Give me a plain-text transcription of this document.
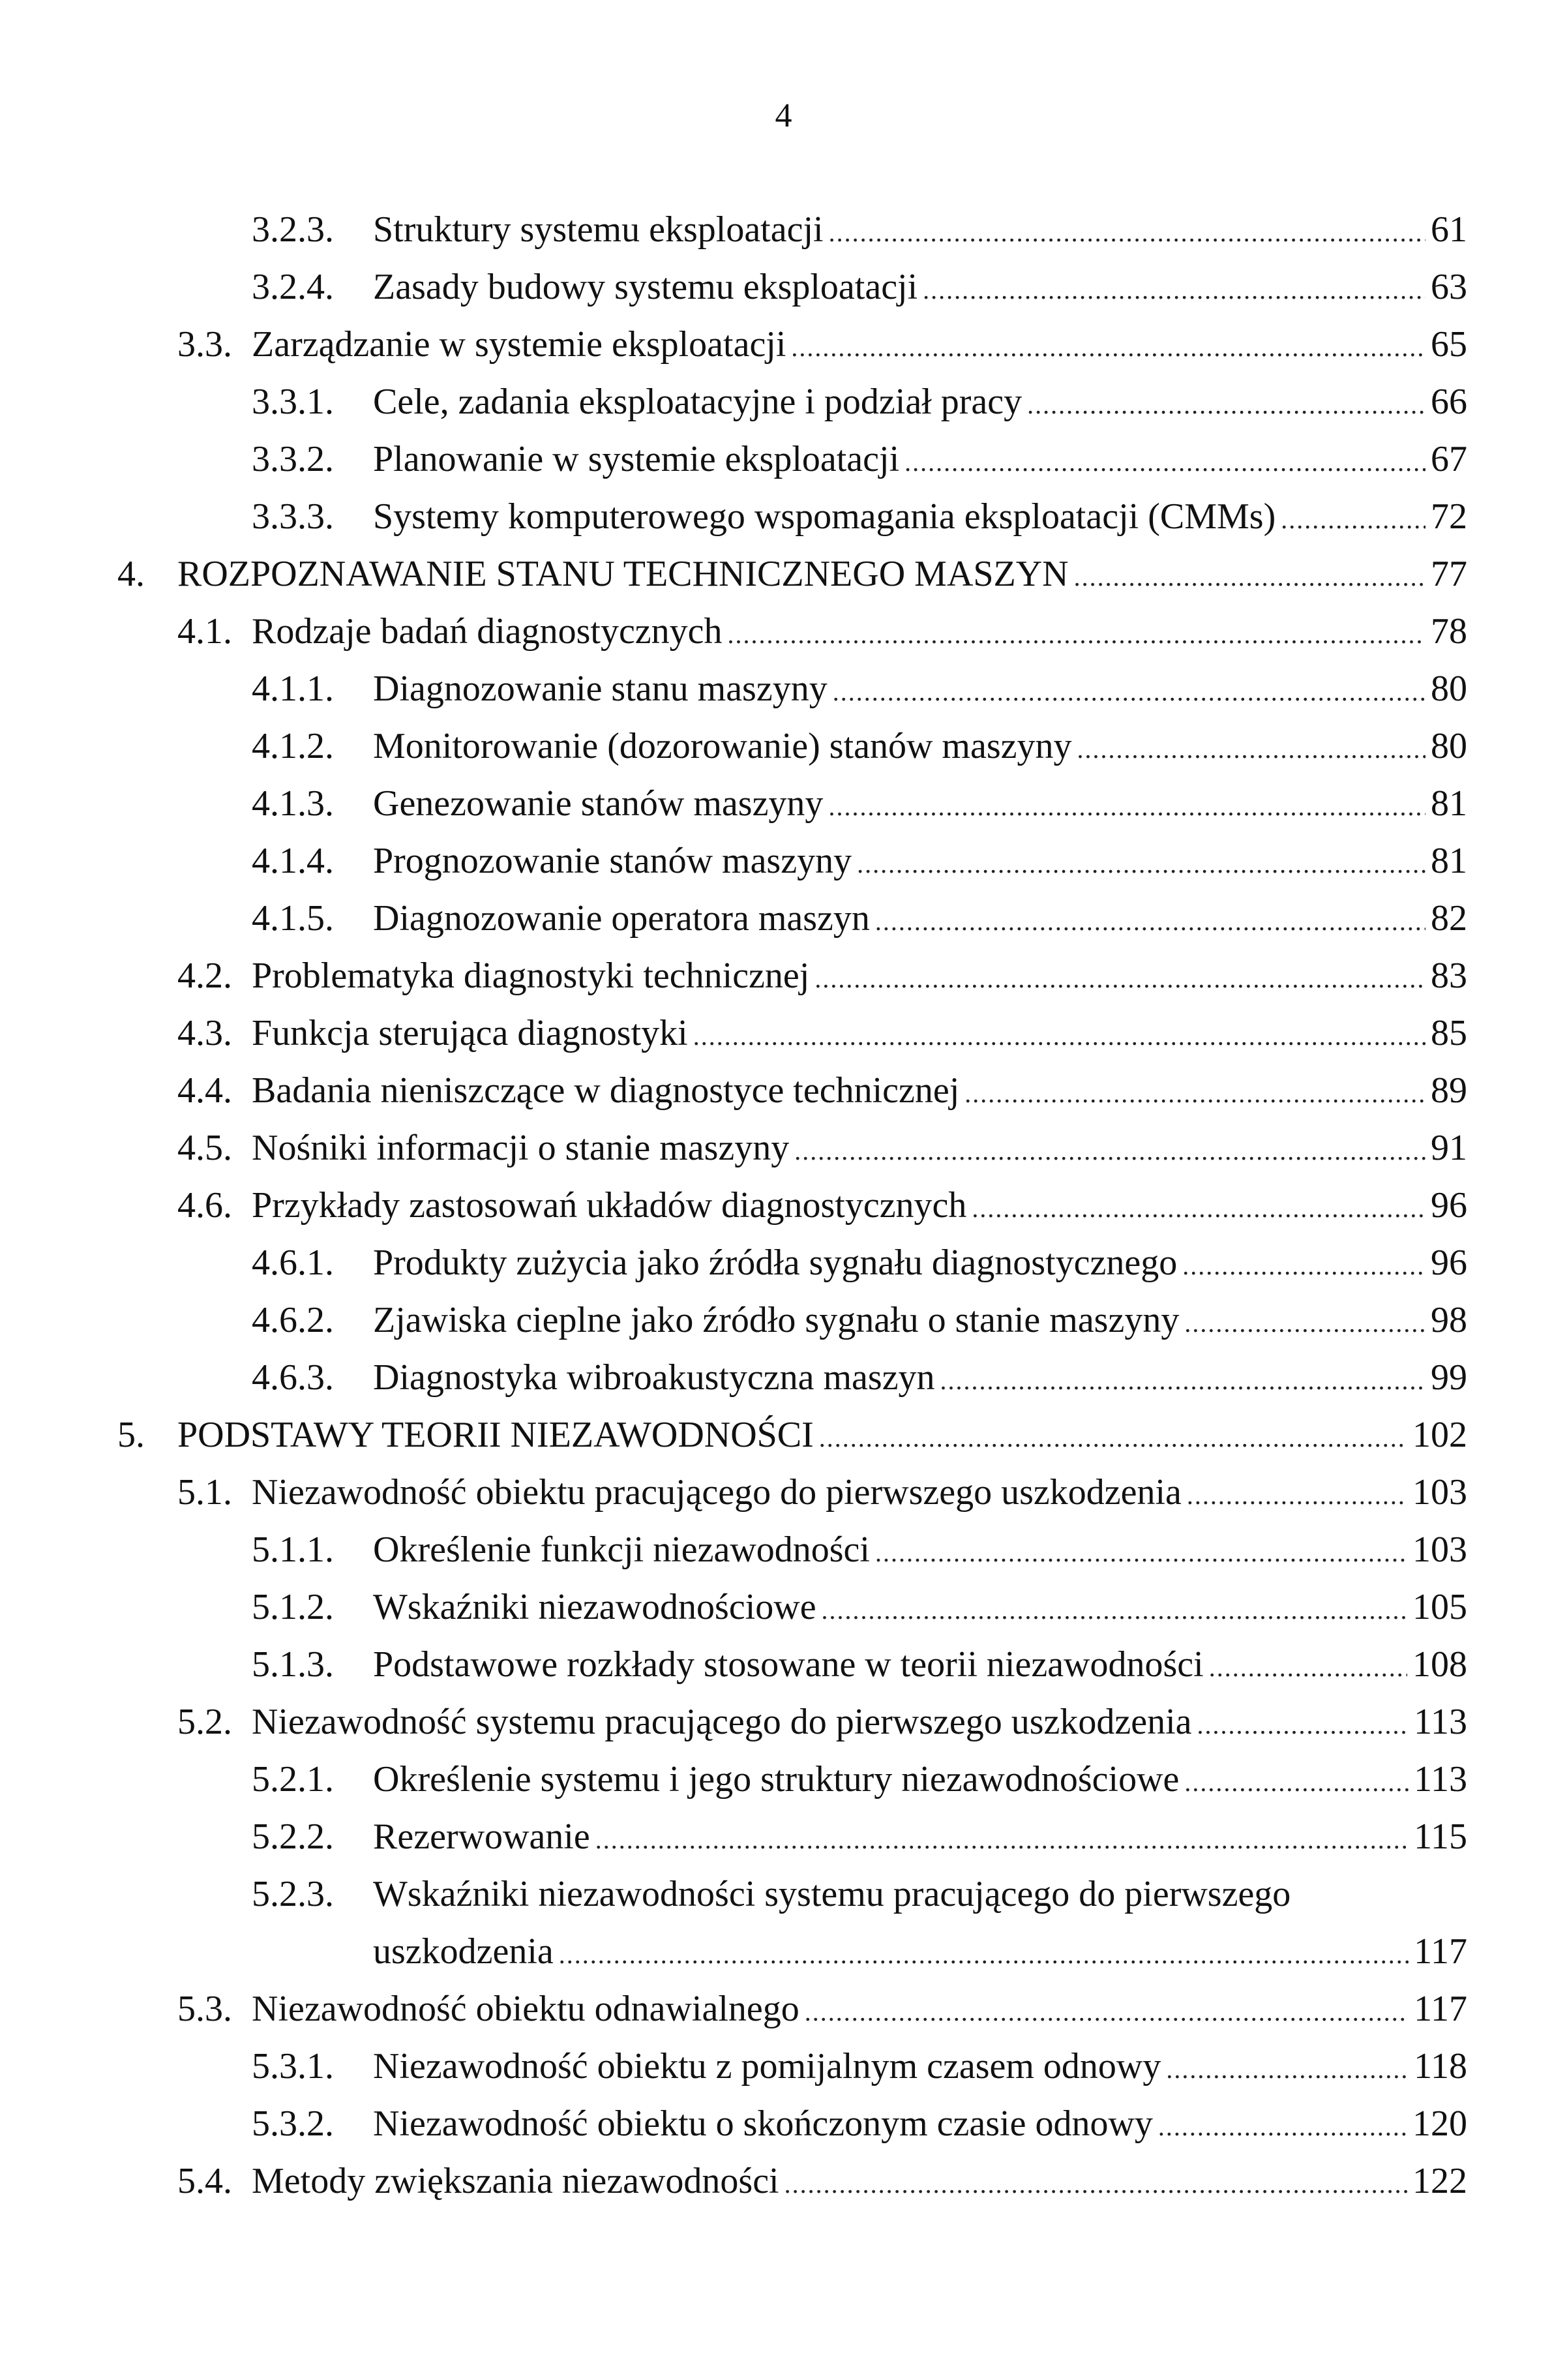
4
3.2.3. Struktury systemu eksploatacji .....	61
3.2.4. Zasady budowy systemu eksploatacji .....	63
3.3. Zarządzanie w systemie eksploatacji .....	65
3.3.1. Cele, zadania eksploatacyjne i podział pracy .....	66
3.3.2. Planowanie w systemie eksploatacji .....	67
3.3.3. Systemy komputerowego wspomagania eksploatacji (CMMs) .....	72
4. ROZPOZNAWANIE STANU TECHNICZNEGO MASZYN .....	77
4.1. Rodzaje badań diagnostycznych .....	78
4.1.1. Diagnozowanie stanu maszyny .....	80
4.1.2. Monitorowanie (dozorowanie) stanów maszyny .....	80
4.1.3. Genezowanie stanów maszyny .....	81
4.1.4. Prognozowanie stanów maszyny .....	81
4.1.5. Diagnozowanie operatora maszyn .....	82
4.2. Problematyka diagnostyki technicznej .....	83
4.3. Funkcja sterująca diagnostyki .....	85
4.4. Badania nieniszczące w diagnostyce technicznej .....	89
4.5. Nośniki informacji o stanie maszyny .....	91
4.6. Przykłady zastosowań układów diagnostycznych .....	96
4.6.1. Produkty zużycia jako źródła sygnału diagnostycznego .....	96
4.6.2. Zjawiska cieplne jako źródło sygnału o stanie maszyny .....	98
4.6.3. Diagnostyka wibroakustyczna maszyn .....	99
5. PODSTAWY TEORII NIEZAWODNOŚCI .....	102
5.1. Niezawodność obiektu pracującego do pierwszego uszkodzenia .....	103
5.1.1. Określenie funkcji niezawodności .....	103
5.1.2. Wskaźniki niezawodnościowe .....	105
5.1.3. Podstawowe rozkłady stosowane w teorii niezawodności .....	108
5.2. Niezawodność systemu pracującego do pierwszego uszkodzenia .....	113
5.2.1. Określenie systemu i jego struktury niezawodnościowe .....	113
5.2.2. Rezerwowanie .....	115
5.2.3. Wskaźniki niezawodności systemu pracującego do pierwszego
uszkodzenia .....	117
5.3. Niezawodność obiektu odnawialnego .....	117
5.3.1. Niezawodność obiektu z pomijalnym czasem odnowy .....	118
5.3.2. Niezawodność obiektu o skończonym czasie odnowy .....	120
5.4. Metody zwiększania niezawodności .....	122
